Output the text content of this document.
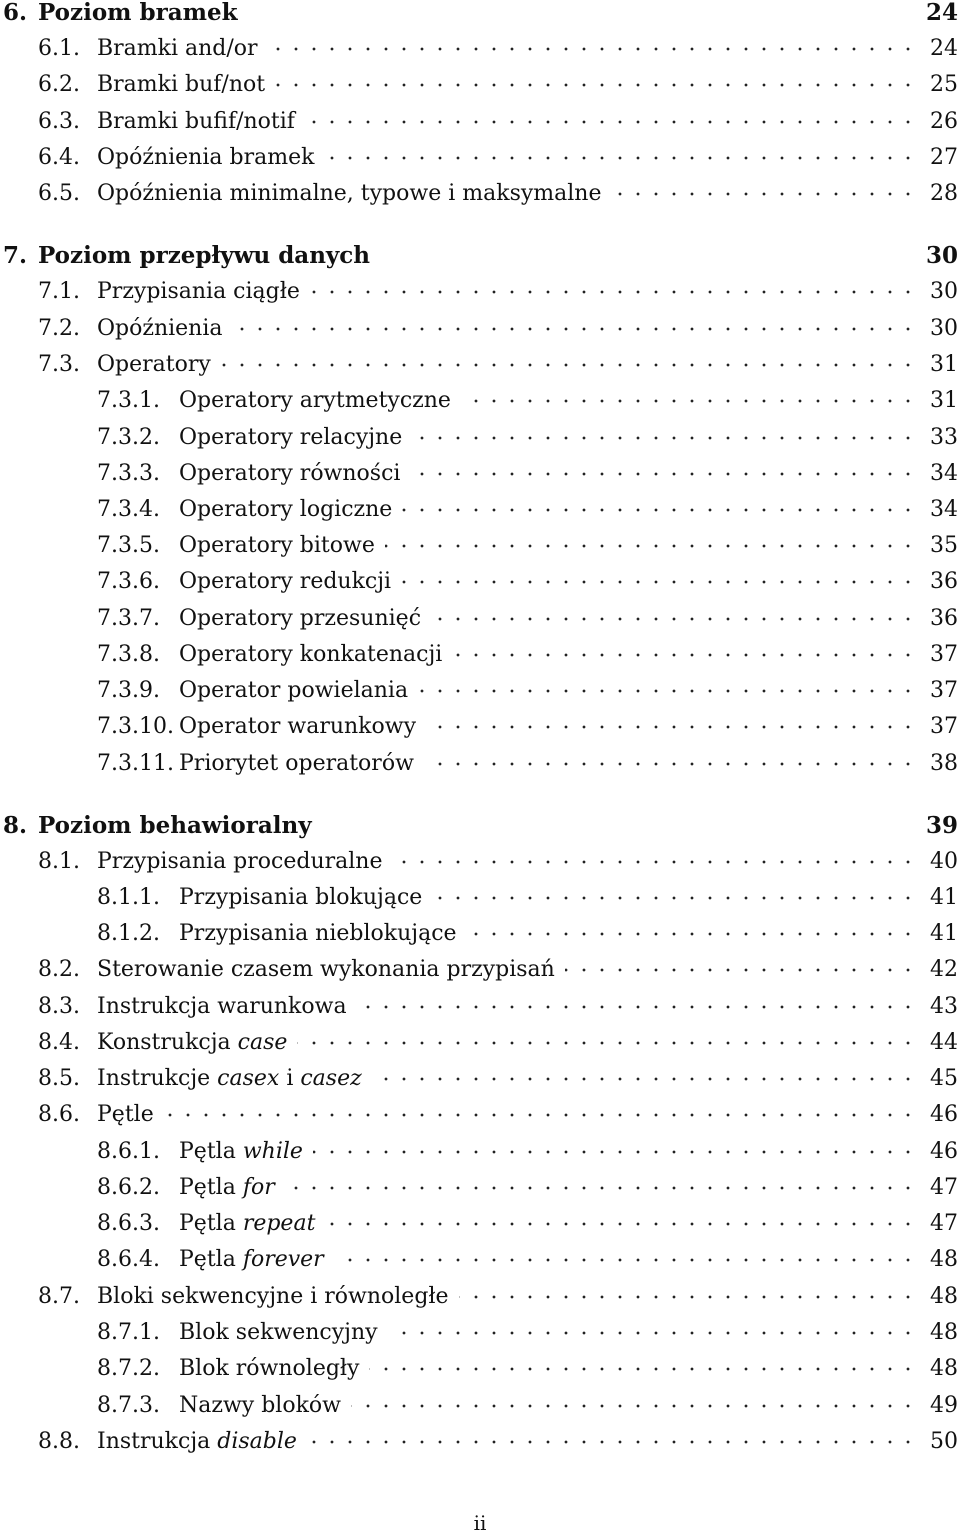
6. Poziom bramek	24
6.1. Bramki and/or	24
6.2. Bramki buf/not	25
6.3. Bramki bufif/notif	26
6.4. Opóźnienia bramek	27
6.5. Opóźnienia minimalne, typowe i maksymalne	28
7. Poziom przepływu danych	30
7.1. Przypisania ciągłe	30
7.2. Opóźnienia	30
7.3. Operatory	31
7.3.1. Operatory arytmetyczne	31
7.3.2. Operatory relacyjne	33
7.3.3. Operatory równości	34
7.3.4. Operatory logiczne	34
7.3.5. Operatory bitowe	35
7.3.6. Operatory redukcji	36
7.3.7. Operatory przesunięć	36
7.3.8. Operatory konkatenacji	37
7.3.9. Operator powielania	37
7.3.10. Operator warunkowy	37
7.3.11. Priorytet operatorów	38
8. Poziom behawioralny	39
8.1. Przypisania proceduralne	40
8.1.1. Przypisania blokujące	41
8.1.2. Przypisania nieblokujące	41
8.2. Sterowanie czasem wykonania przypisań	42
8.3. Instrukcja warunkowa	43
8.4. Konstrukcja case	44
8.5. Instrukcje casex i casez	45
8.6. Pętle	46
8.6.1. Pętla while	46
8.6.2. Pętla for	47
8.6.3. Pętla repeat	47
8.6.4. Pętla forever	48
8.7. Bloki sekwencyjne i równoległe	48
8.7.1. Blok sekwencyjny	48
8.7.2. Blok równoległy	48
8.7.3. Nazwy bloków	49
8.8. Instrukcja disable	50
ii
